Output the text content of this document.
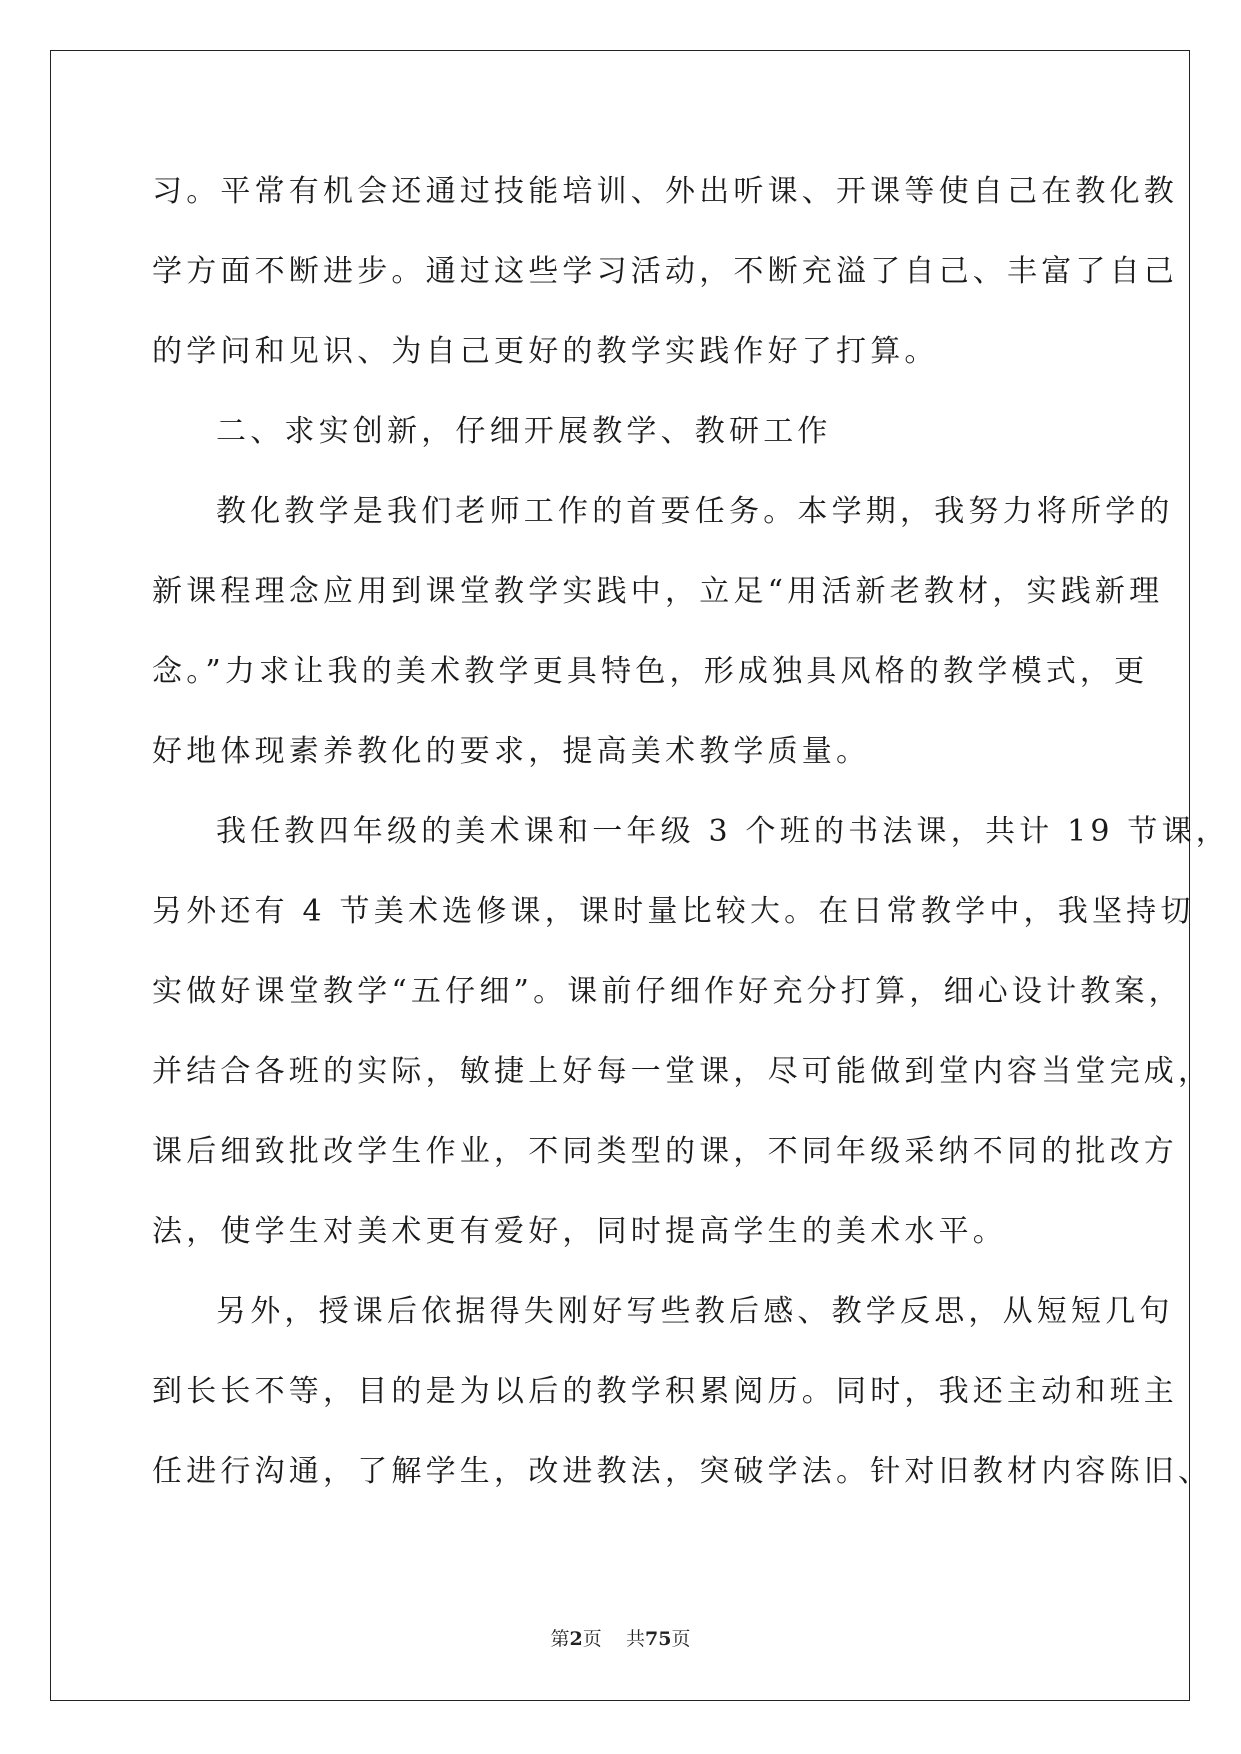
习。平常有机会还通过技能培训、外出听课、开课等使自己在教化教
学方面不断进步。通过这些学习活动，不断充溢了自己、丰富了自己
的学问和见识、为自己更好的教学实践作好了打算。
二、求实创新，仔细开展教学、教研工作
教化教学是我们老师工作的首要任务。本学期，我努力将所学的
新课程理念应用到课堂教学实践中，立足“用活新老教材，实践新理
念。”力求让我的美术教学更具特色，形成独具风格的教学模式，更
好地体现素养教化的要求，提高美术教学质量。
我任教四年级的美术课和一年级 3 个班的书法课，共计 19 节课，
另外还有 4 节美术选修课，课时量比较大。在日常教学中，我坚持切
实做好课堂教学“五仔细”。课前仔细作好充分打算，细心设计教案，
并结合各班的实际，敏捷上好每一堂课，尽可能做到堂内容当堂完成，
课后细致批改学生作业，不同类型的课，不同年级采纳不同的批改方
法，使学生对美术更有爱好，同时提高学生的美术水平。
另外，授课后依据得失刚好写些教后感、教学反思，从短短几句
到长长不等，目的是为以后的教学积累阅历。同时，我还主动和班主
任进行沟通，了解学生，改进教法，突破学法。针对旧教材内容陈旧、
第2页 共75页
